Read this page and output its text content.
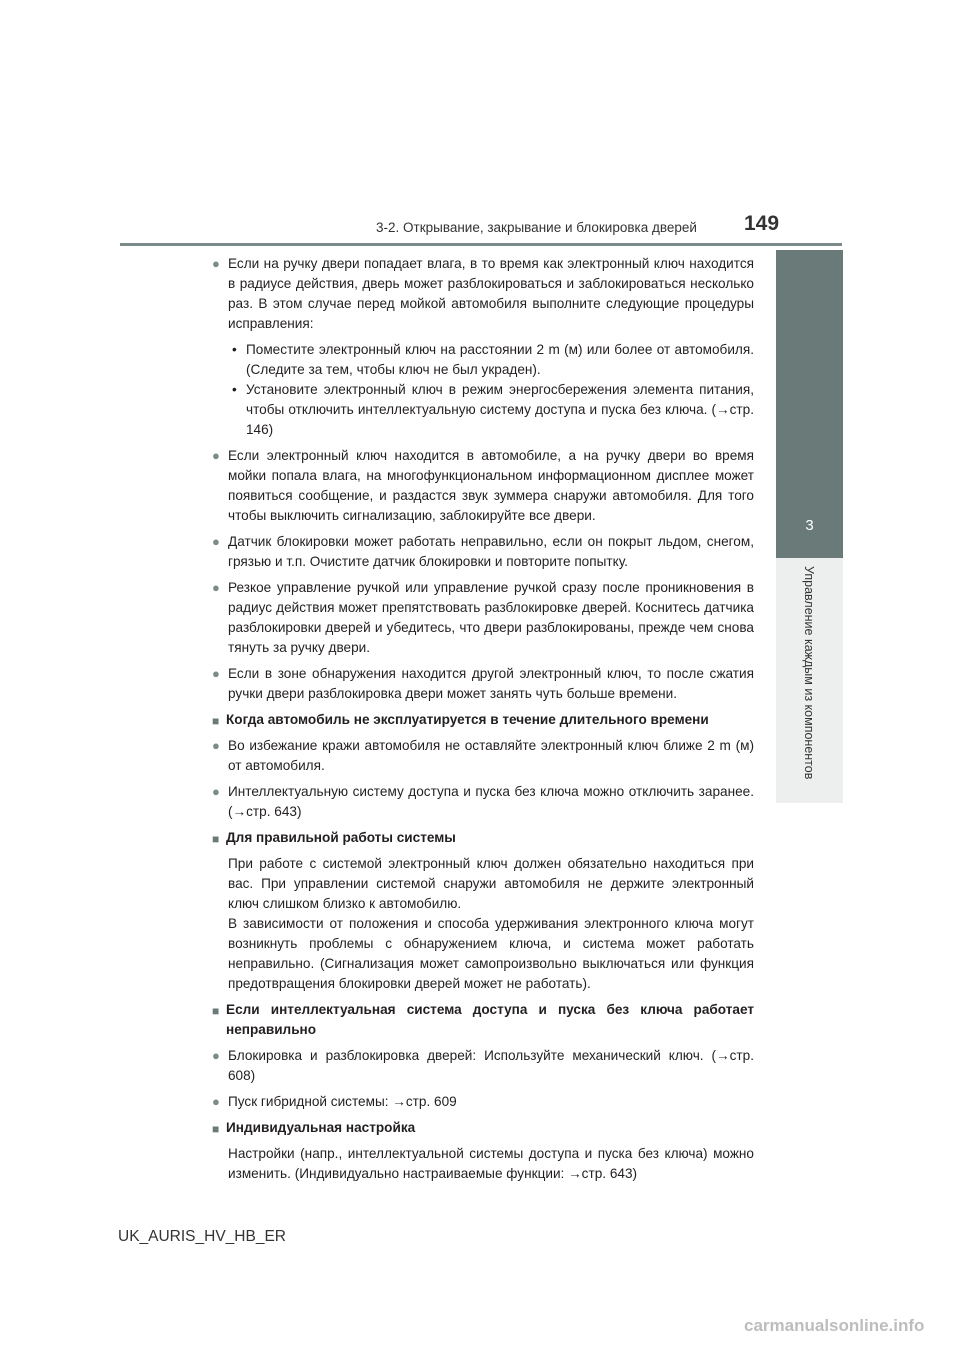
3-2. Открывание, закрывание и блокировка дверей 149
3
Управление каждым из компонентов
● Если на ручку двери попадает влага, в то время как электронный ключ находится в радиусе действия, дверь может разблокироваться и заблокироваться несколько раз. В этом случае перед мойкой автомобиля выполните следующие процедуры исправления:
• Поместите электронный ключ на расстоянии 2 m (м) или более от автомобиля. (Следите за тем, чтобы ключ не был украден).
• Установите электронный ключ в режим энергосбережения элемента питания, чтобы отключить интеллектуальную систему доступа и пуска без ключа. (→стр. 146)
● Если электронный ключ находится в автомобиле, а на ручку двери во время мойки попала влага, на многофункциональном информационном дисплее может появиться сообщение, и раздастся звук зуммера снаружи автомобиля. Для того чтобы выключить сигнализацию, заблокируйте все двери.
● Датчик блокировки может работать неправильно, если он покрыт льдом, снегом, грязью и т.п. Очистите датчик блокировки и повторите попытку.
● Резкое управление ручкой или управление ручкой сразу после проникновения в радиус действия может препятствовать разблокировке дверей. Коснитесь датчика разблокировки дверей и убедитесь, что двери разблокированы, прежде чем снова тянуть за ручку двери.
● Если в зоне обнаружения находится другой электронный ключ, то после сжатия ручки двери разблокировка двери может занять чуть больше времени.
■ Когда автомобиль не эксплуатируется в течение длительного времени
● Во избежание кражи автомобиля не оставляйте электронный ключ ближе 2 m (м) от автомобиля.
● Интеллектуальную систему доступа и пуска без ключа можно отключить заранее. (→стр. 643)
■ Для правильной работы системы
При работе с системой электронный ключ должен обязательно находиться при вас. При управлении системой снаружи автомобиля не держите электронный ключ слишком близко к автомобилю.
В зависимости от положения и способа удерживания электронного ключа могут возникнуть проблемы с обнаружением ключа, и система может работать неправильно. (Сигнализация может самопроизвольно выключаться или функция предотвращения блокировки дверей может не работать).
■ Если интеллектуальная система доступа и пуска без ключа работает неправильно
● Блокировка и разблокировка дверей: Используйте механический ключ. (→стр. 608)
● Пуск гибридной системы: →стр. 609
■ Индивидуальная настройка
Настройки (напр., интеллектуальной системы доступа и пуска без ключа) можно изменить. (Индивидуально настраиваемые функции: →стр. 643)
UK_AURIS_HV_HB_ER
carmanualsonline.info
